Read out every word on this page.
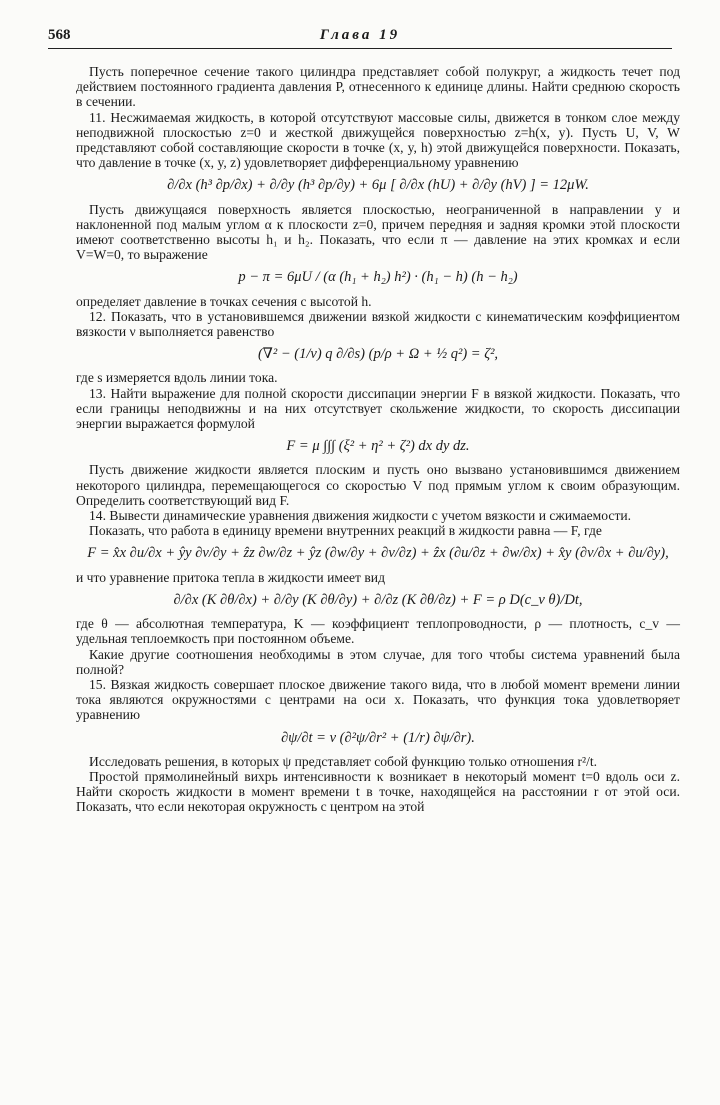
568	Глава 19

Пусть поперечное сечение такого цилиндра представляет собой полукруг, а жидкость течет под действием постоянного градиента давления P, отнесенного к единице длины. Найти среднюю скорость в сечении.

11. Несжимаемая жидкость, в которой отсутствуют массовые силы, движется в тонком слое между неподвижной плоскостью z=0 и жесткой движущейся поверхностью z=h(x, y). Пусть U, V, W представляют собой составляющие скорости в точке (x, y, h) этой движущейся поверхности. Показать, что давление в точке (x, y, z) удовлетворяет дифференциальному уравнению

∂/∂x (h³ ∂p/∂x) + ∂/∂y (h³ ∂p/∂y) + 6μ [ ∂/∂x (hU) + ∂/∂y (hV) ] = 12μW.

Пусть движущаяся поверхность является плоскостью, неограниченной в направлении y и наклоненной под малым углом α к плоскости z=0, причем передняя и задняя кромки этой плоскости имеют соответственно высоты h₁ и h₂. Показать, что если π — давление на этих кромках и если V=W=0, то выражение

p − π = 6μU / (α (h₁ + h₂) h²) · (h₁ − h) (h − h₂)

определяет давление в точках сечения с высотой h.

12. Показать, что в установившемся движении вязкой жидкости с кинематическим коэффициентом вязкости ν выполняется равенство

(∇² − (1/ν) q ∂/∂s) (p/ρ + Ω + ½ q²) = ζ²,

где s измеряется вдоль линии тока.

13. Найти выражение для полной скорости диссипации энергии F в вязкой жидкости. Показать, что если границы неподвижны и на них отсутствует скольжение жидкости, то скорость диссипации энергии выражается формулой

F = μ ∫∫∫ (ξ² + η² + ζ²) dx dy dz.

Пусть движение жидкости является плоским и пусть оно вызвано установившимся движением некоторого цилиндра, перемещающегося со скоростью V под прямым углом к своим образующим. Определить соответствующий вид F.

14. Вывести динамические уравнения движения жидкости с учетом вязкости и сжимаемости.

Показать, что работа в единицу времени внутренних реакций в жидкости равна — F, где

F = x̂x ∂u/∂x + ŷy ∂v/∂y + ẑz ∂w/∂z + ŷz (∂w/∂y + ∂v/∂z) + ẑx (∂u/∂z + ∂w/∂x) + x̂y (∂v/∂x + ∂u/∂y),

и что уравнение притока тепла в жидкости имеет вид

∂/∂x (K ∂θ/∂x) + ∂/∂y (K ∂θ/∂y) + ∂/∂z (K ∂θ/∂z) + F = ρ D(c_v θ)/Dt,

где θ — абсолютная температура, K — коэффициент теплопроводности, ρ — плотность, c_v — удельная теплоемкость при постоянном объеме.

Какие другие соотношения необходимы в этом случае, для того чтобы система уравнений была полной?

15. Вязкая жидкость совершает плоское движение такого вида, что в любой момент времени линии тока являются окружностями с центрами на оси x. Показать, что функция тока удовлетворяет уравнению

∂ψ/∂t = ν (∂²ψ/∂r² + (1/r) ∂ψ/∂r).

Исследовать решения, в которых ψ представляет собой функцию только отношения r²/t.

Простой прямолинейный вихрь интенсивности κ возникает в некоторый момент t=0 вдоль оси z. Найти скорость жидкости в момент времени t в точке, находящейся на расстоянии r от этой оси. Показать, что если некоторая окружность с центром на этой
